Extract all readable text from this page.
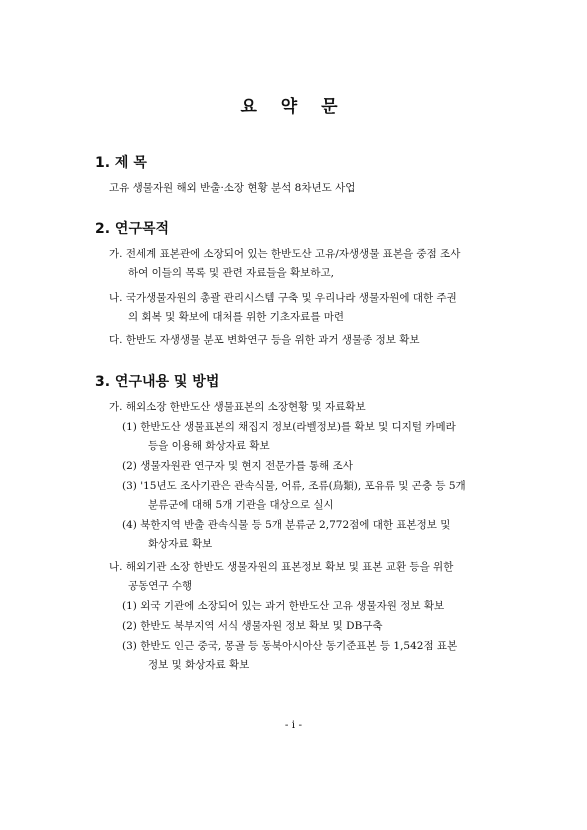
요 약 문
1. 제 목
고유 생물자원 해외 반출·소장 현황 분석 8차년도 사업
2. 연구목적
가. 전세계 표본관에 소장되어 있는 한반도산 고유/자생생물 표본을 중점 조사
하여 이들의 목록 및 관련 자료들을 확보하고,
나. 국가생물자원의 총괄 관리시스템 구축 및 우리나라 생물자원에 대한 주권
의 회복 및 확보에 대처를 위한 기초자료를 마련
다. 한반도 자생생물 분포 변화연구 등을 위한 과거 생물종 정보 확보
3. 연구내용 및 방법
가. 해외소장 한반도산 생물표본의 소장현황 및 자료확보
(1) 한반도산 생물표본의 채집지 정보(라벨정보)를 확보 및 디지털 카메라
등을 이용해 화상자료 확보
(2) 생물자원관 연구자 및 현지 전문가를 통해 조사
(3) '15년도 조사기관은 관속식물, 어류, 조류(鳥類), 포유류 및 곤충 등 5개
분류군에 대해 5개 기관을 대상으로 실시
(4) 북한지역 반출 관속식물 등 5개 분류군 2,772점에 대한 표본정보 및
화상자료 확보
나. 해외기관 소장 한반도 생물자원의 표본정보 확보 및 표본 교환 등을 위한
공동연구 수행
(1) 외국 기관에 소장되어 있는 과거 한반도산 고유 생물자원 정보 확보
(2) 한반도 북부지역 서식 생물자원 정보 확보 및 DB구축
(3) 한반도 인근 중국, 몽골 등 동북아시아산 동기준표본 등 1,542점 표본
정보 및 화상자료 확보
- i -
